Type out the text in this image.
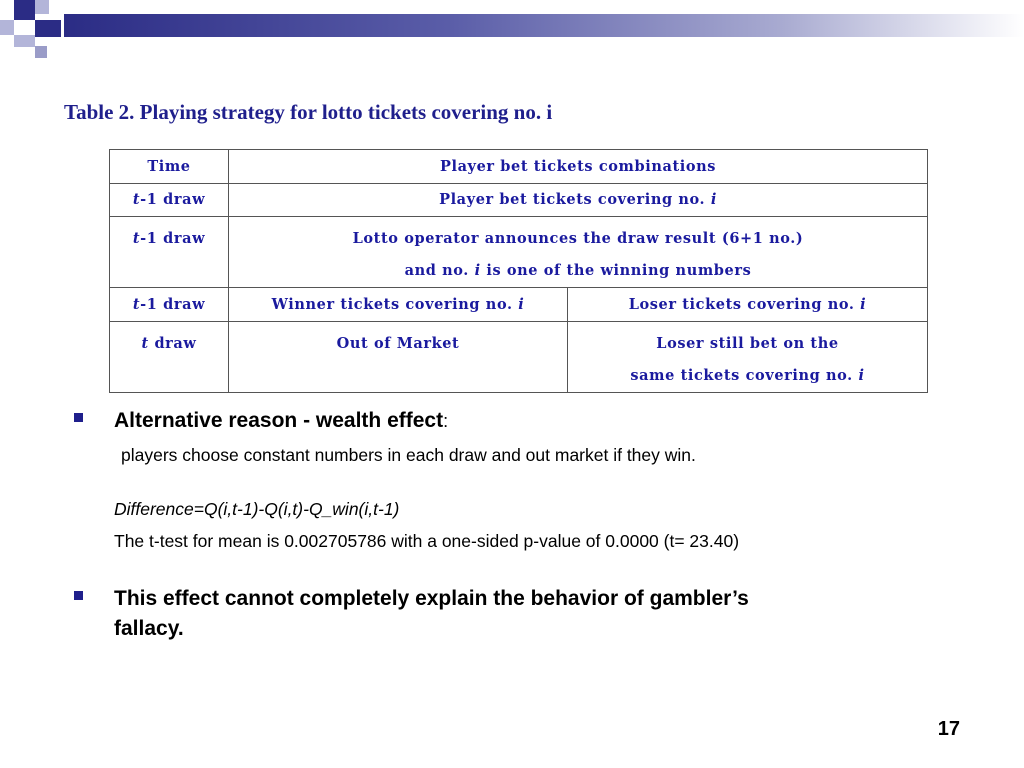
Table 2. Playing strategy for lotto tickets covering no. i
Time	Player bet tickets combinations	
t-1 draw	Player bet tickets covering no. i	
t-1 draw	Lotto operator announces the draw result (6+1 no.)
and no. i is one of the winning numbers	

t-1 draw	Winner tickets covering no. i	Loser tickets covering no. i
t draw	Out of Market	Loser still bet on the
same tickets covering no. i

Alternative reason - wealth effect:

players choose constant numbers in each draw and out market if they win.

Difference=Q(i,t-1)-Q(i,t)-Q_win(i,t-1)

The t-test for mean is 0.002705786 with a one-sided p-value of 0.0000 (t= 23.40)

This effect cannot completely explain the behavior of gambler’s

fallacy.

17
